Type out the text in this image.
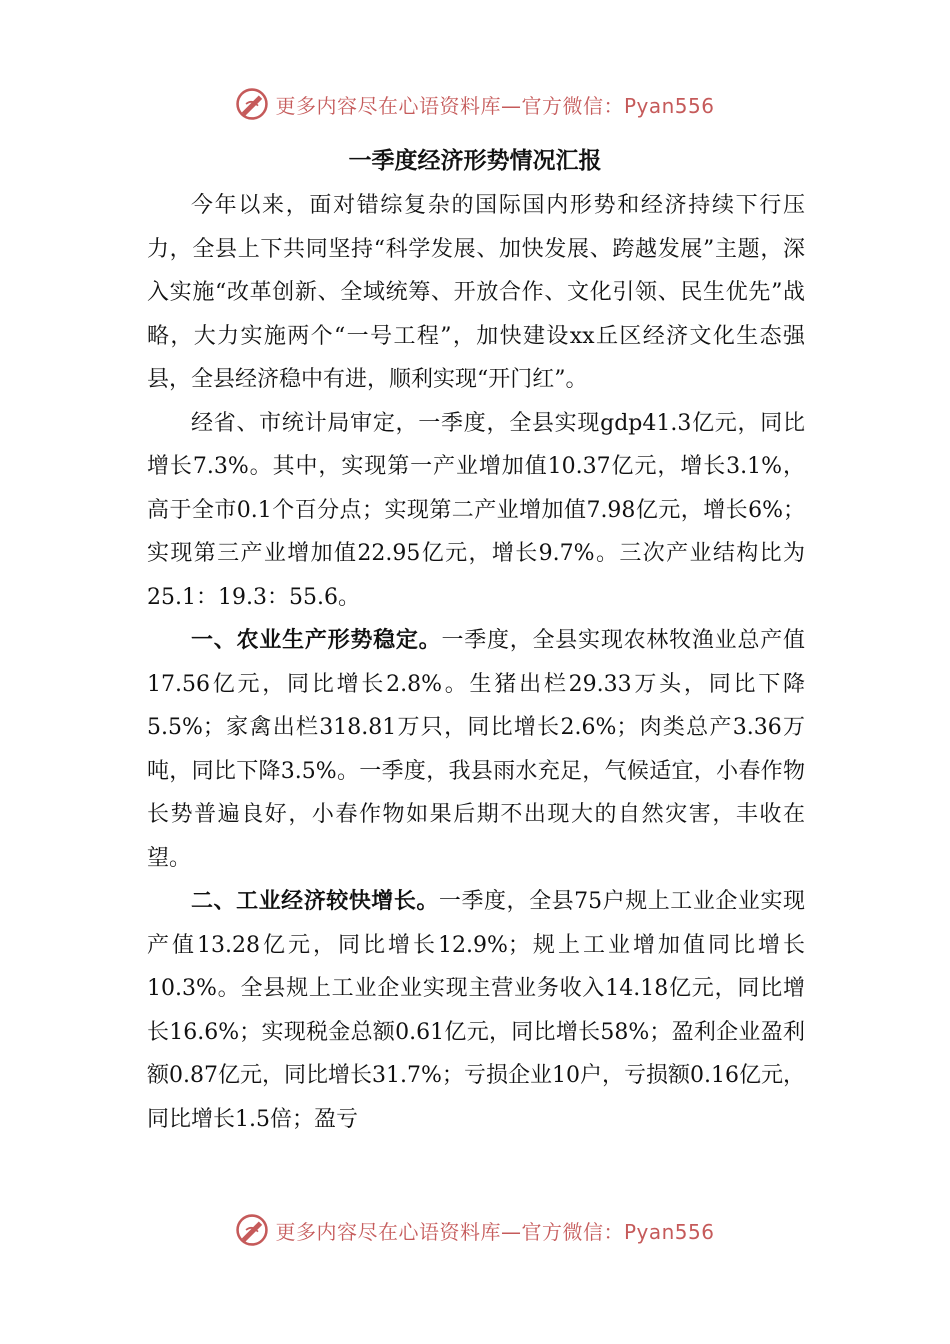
更多内容尽在心语资料库—官方微信：Pyan556
一季度经济形势情况汇报

今年以来，面对错综复杂的国际国内形势和经济持续下行压力，全县上下共同坚持“科学发展、加快发展、跨越发展”主题，深入实施“改革创新、全域统筹、开放合作、文化引领、民生优先”战略，大力实施两个“一号工程”，加快建设xx丘区经济文化生态强县，全县经济稳中有进，顺利实现“开门红”。

经省、市统计局审定，一季度，全县实现gdp41.3亿元，同比增长7.3%。其中，实现第一产业增加值10.37亿元，增长3.1%，高于全市0.1个百分点；实现第二产业增加值7.98亿元，增长6%；实现第三产业增加值22.95亿元，增长9.7%。三次产业结构比为25.1：19.3：55.6。

一、农业生产形势稳定。一季度，全县实现农林牧渔业总产值17.56亿元，同比增长2.8%。生猪出栏29.33万头，同比下降5.5%；家禽出栏318.81万只，同比增长2.6%；肉类总产3.36万吨，同比下降3.5%。一季度，我县雨水充足，气候适宜，小春作物长势普遍良好，小春作物如果后期不出现大的自然灾害，丰收在望。

二、工业经济较快增长。一季度，全县75户规上工业企业实现产值13.28亿元，同比增长12.9%；规上工业增加值同比增长10.3%。全县规上工业企业实现主营业务收入14.18亿元，同比增长16.6%；实现税金总额0.61亿元，同比增长58%；盈利企业盈利额0.87亿元，同比增长31.7%；亏损企业10户，亏损额0.16亿元，同比增长1.5倍；盈亏

更多内容尽在心语资料库—官方微信：Pyan556
